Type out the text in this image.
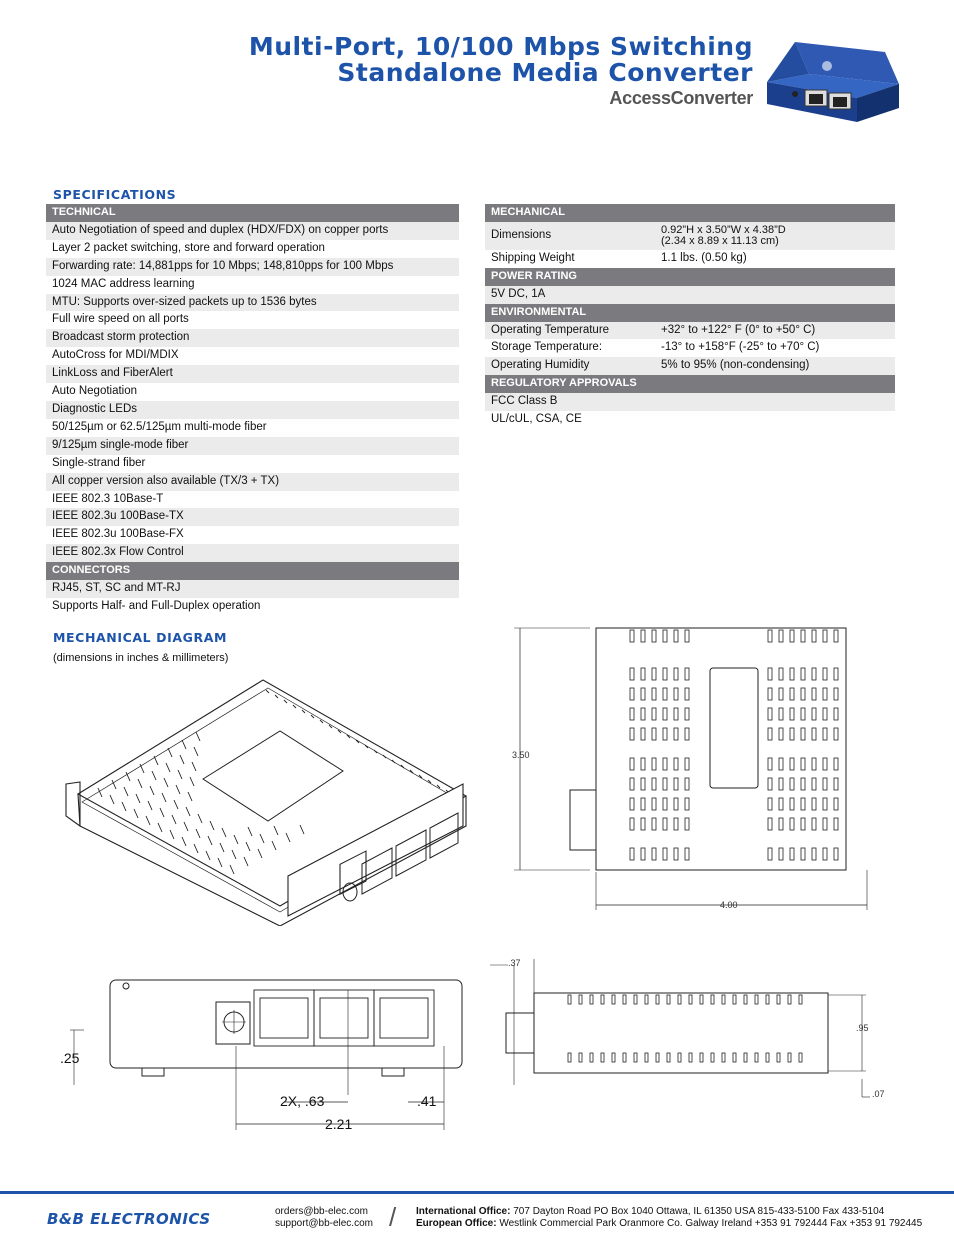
Multi-Port, 10/100 Mbps Switching
Standalone Media Converter
AccessConverter
SPECIFICATIONS
TECHNICAL
Auto Negotiation of speed and duplex (HDX/FDX) on copper ports
Layer 2 packet switching, store and forward operation
Forwarding rate: 14,881pps for 10 Mbps; 148,810pps for 100 Mbps
1024 MAC address learning
MTU: Supports over-sized packets up to 1536 bytes
Full wire speed on all ports
Broadcast storm protection
AutoCross for MDI/MDIX
LinkLoss and FiberAlert
Auto Negotiation
Diagnostic LEDs
50/125µm or 62.5/125µm multi-mode fiber
9/125µm single-mode fiber
Single-strand fiber
All copper version also available (TX/3 + TX)
IEEE 802.3 10Base-T
IEEE 802.3u 100Base-TX
IEEE 802.3u 100Base-FX
IEEE 802.3x Flow Control
CONNECTORS
RJ45, ST, SC and MT-RJ
Supports Half- and Full-Duplex operation
MECHANICAL	
Dimensions	0.92”H x 3.50”W x 4.38”D
(2.34 x 8.89 x 11.13 cm)

Shipping Weight	1.1 lbs. (0.50 kg)
POWER RATING	
5V DC, 1A	
ENVIRONMENTAL	
Operating Temperature	+32° to +122° F (0° to +50° C)
Storage Temperature:	-13° to +158°F (-25° to +70° C)
Operating Humidity	5% to 95% (non-condensing)
REGULATORY APPROVALS	
FCC Class B	
UL/cUL, CSA, CE	
MECHANICAL DIAGRAM
(dimensions in inches & millimeters)
3.50
4.00
.25
2X, .63	.41
2.21
.37
.95
.07
B&B ELECTRONICS	orders@bb-elec.com
support@bb-elec.com / International Office: 707 Dayton Road PO Box 1040 Ottawa, IL 61350 USA 815-433-5100 Fax 433-5104
European Office: Westlink Commercial Park Oranmore Co. Galway Ireland +353 91 792444 Fax +353 91 792445
